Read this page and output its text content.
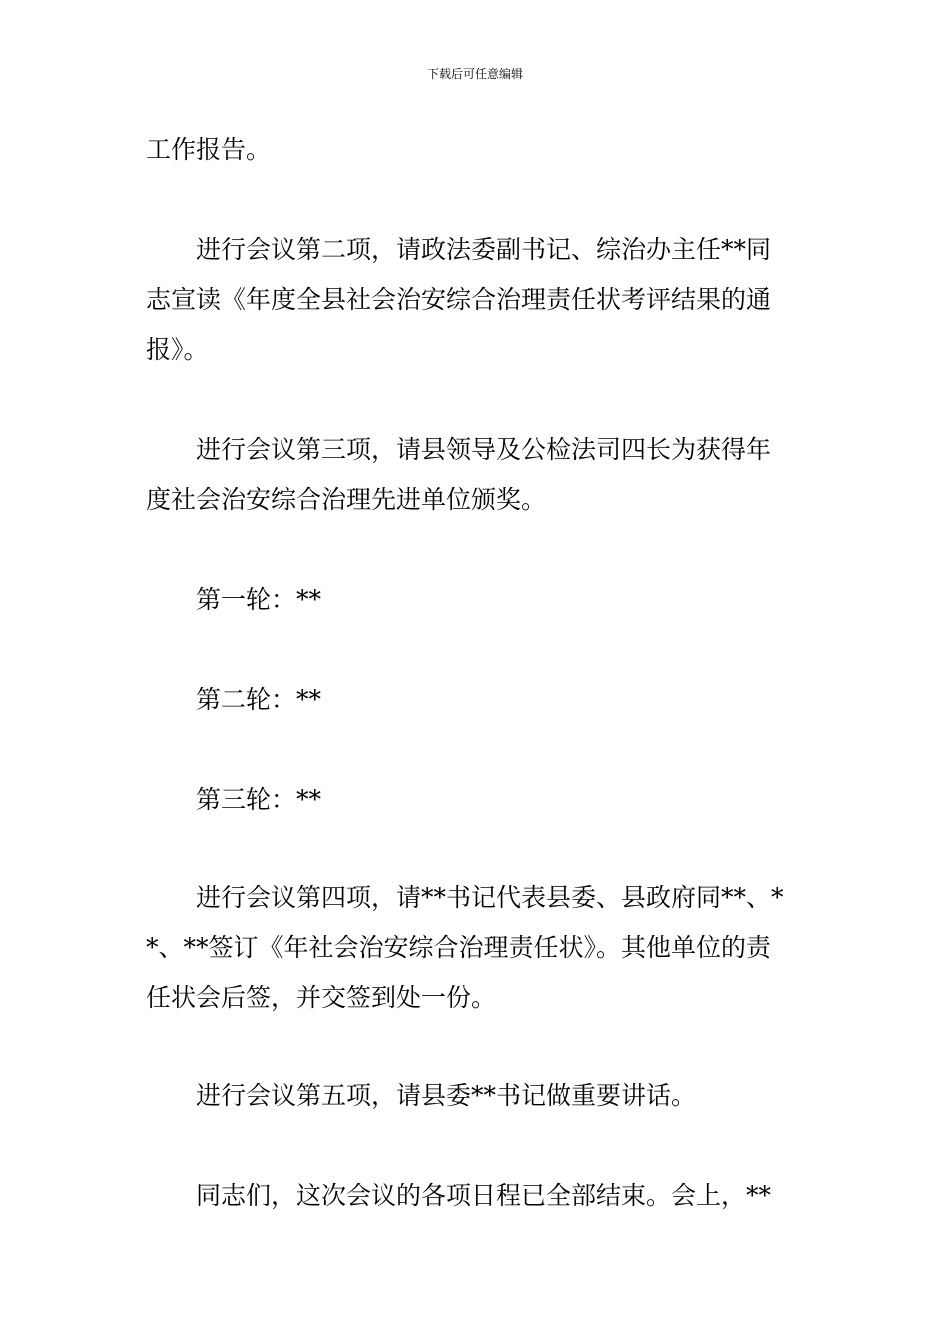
下载后可任意编辑
工作报告。
进行会议第二项，请政法委副书记、综治办主任**同
志宣读《年度全县社会治安综合治理责任状考评结果的通
报》。
进行会议第三项，请县领导及公检法司四长为获得年
度社会治安综合治理先进单位颁奖。
第一轮：**
第二轮：**
第三轮：**
进行会议第四项，请**书记代表县委、县政府同**、*
*、**签订《年社会治安综合治理责任状》。其他单位的责
任状会后签，并交签到处一份。
进行会议第五项，请县委**书记做重要讲话。
同志们，这次会议的各项日程已全部结束。会上，**
